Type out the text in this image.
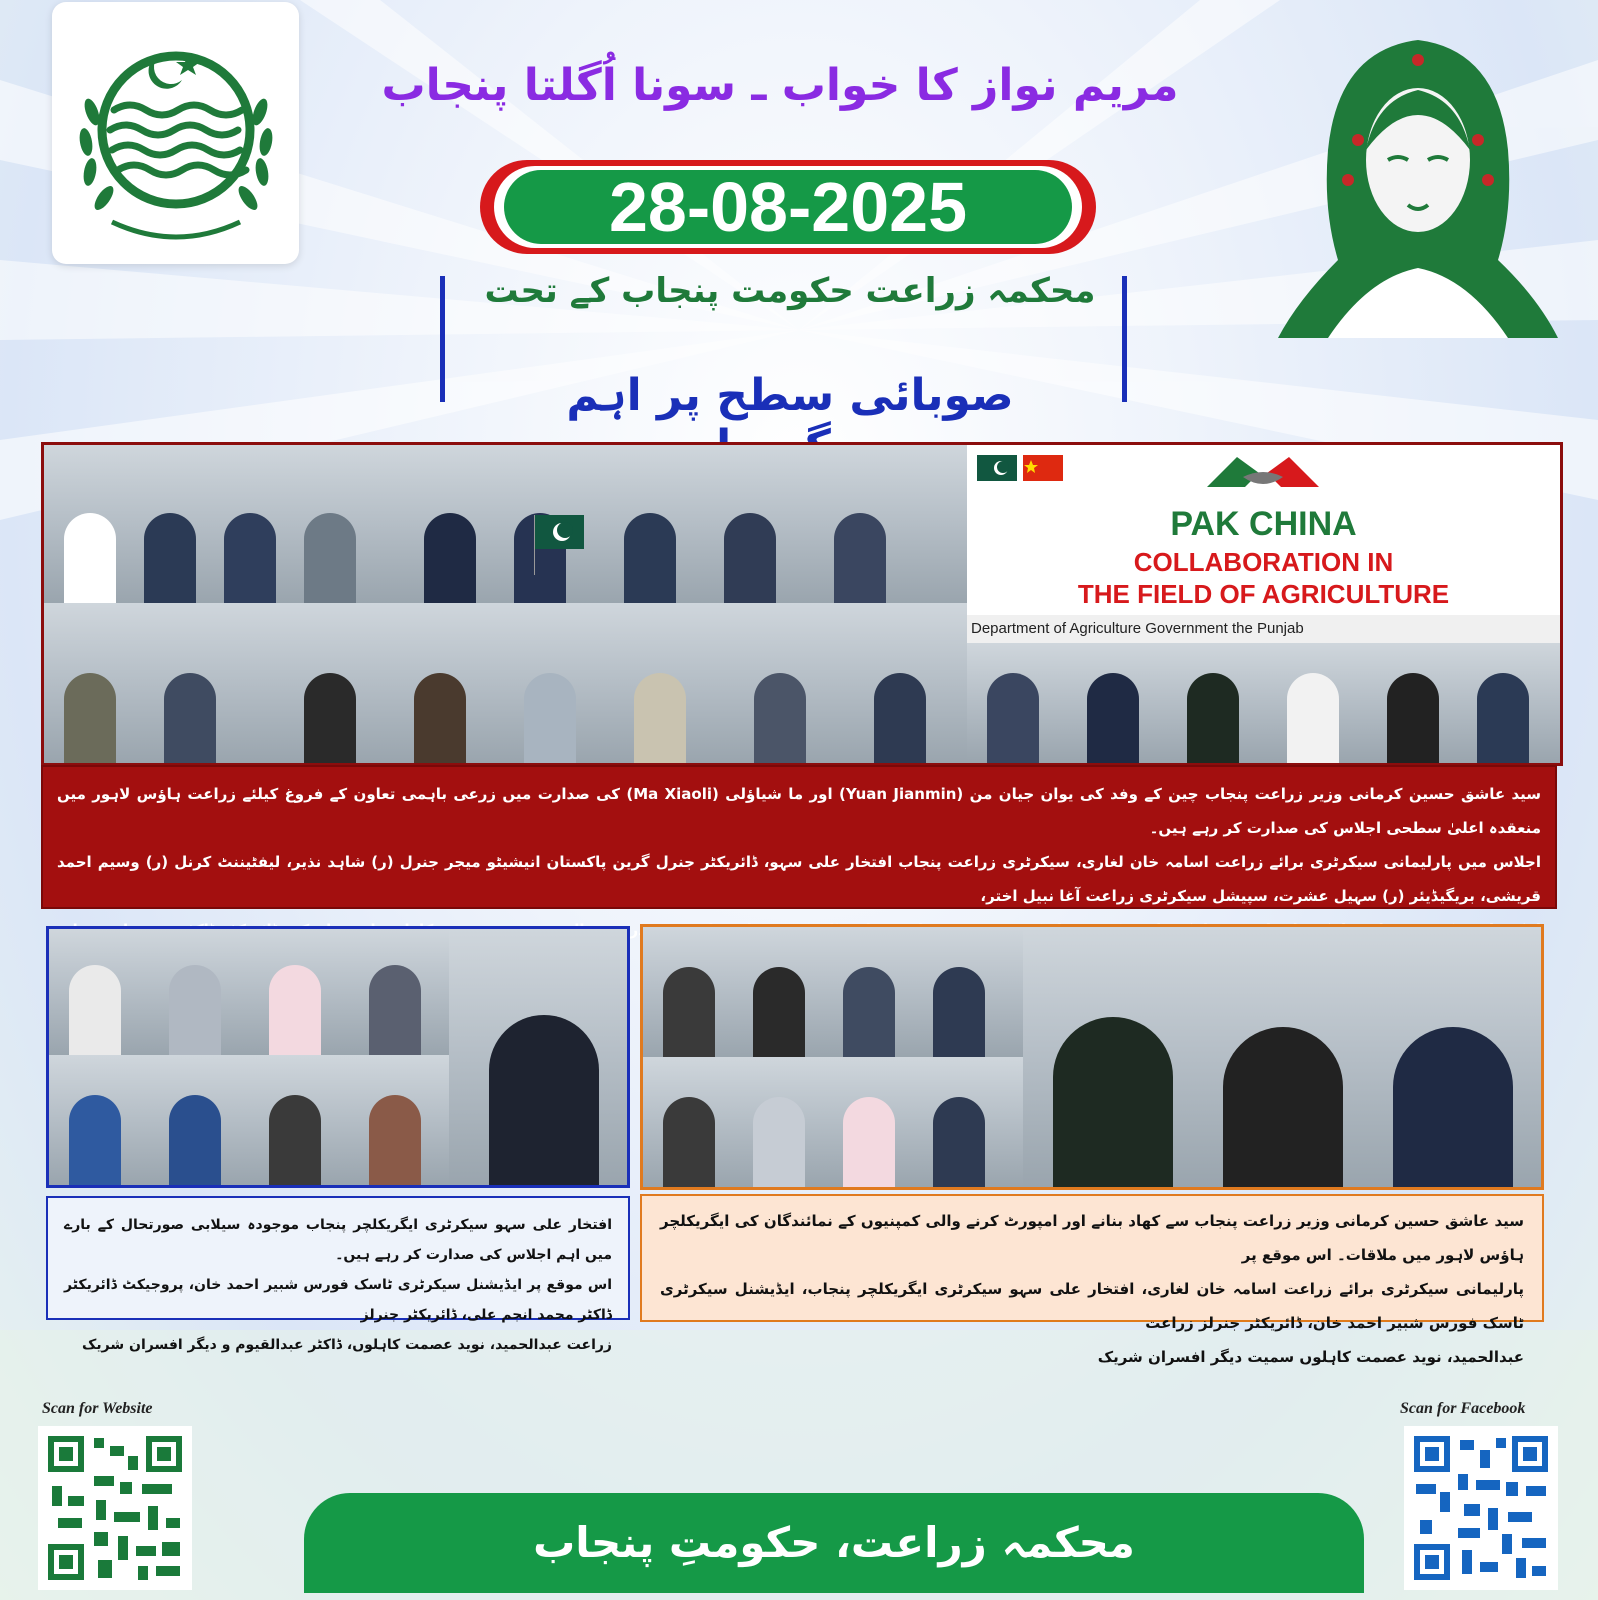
مریم نواز کا خواب ـ سونا اُگلتا پنجاب
28-08-2025
محکمہ زراعت حکومت پنجاب کے تحت
صوبائی سطح پر اہم
PAK CHINA
COLLABORATION IN
THE FIELD OF AGRICULTURE
Department of Agriculture Government the Punjab

سید عاشق حسین کرمانی وزیر زراعت پنجاب چین کے وفد کی یوان جیان من (Yuan Jianmin) اور ما شیاؤلی (Ma Xiaoli) کی صدارت میں زرعی باہمی تعاون کے فروغ کیلئے زراعت ہاؤس لاہور میں منعقدہ اعلیٰ سطحی اجلاس کی صدارت کر رہے ہیں۔

اجلاس میں پارلیمانی سیکرٹری برائے زراعت اسامہ خان لغاری، سیکرٹری زراعت پنجاب افتخار علی سہو، ڈائریکٹر جنرل گرین پاکستان انیشیٹو میجر جنرل (ر) شاہد نذیر، لیفٹیننٹ کرنل (ر) وسیم احمد قریشی، بریگیڈیئر (ر) سہیل عشرت، سپیشل سیکرٹری زراعت آغا نبیل اختر،

افتخار علی سہو سیکرٹری ایگریکلچر پنجاب موجودہ سیلابی صورتحال کے بارے میں اہم اجلاس کی صدارت کر رہے ہیں۔

اس موقع پر ایڈیشنل سیکرٹری ٹاسک فورس شبیر احمد خان، پروجیکٹ ڈائریکٹر ڈاکٹر محمد انجم علی، ڈائریکٹر جنرلز

زراعت عبدالحمید، نوید عصمت کاہلوں، ڈاکٹر عبدالقیوم و دیگر افسران شریک

سید عاشق حسین کرمانی وزیر زراعت پنجاب سے کھاد بنانے اور امپورٹ کرنے والی کمپنیوں کے نمائندگان کی ایگریکلچر ہاؤس لاہور میں ملاقات۔ اس موقع پر

پارلیمانی سیکرٹری برائے زراعت اسامہ خان لغاری، افتخار علی سہو سیکرٹری ایگریکلچر پنجاب، ایڈیشنل سیکرٹری ٹاسک فورس شبیر احمد خان، ڈائریکٹر جنرلز زراعت

عبدالحمید، نوید عصمت کاہلوں سمیت دیگر افسران شریک

Scan for Website	Scan for Facebook
محکمہ زراعت، حکومتِ پنجاب
